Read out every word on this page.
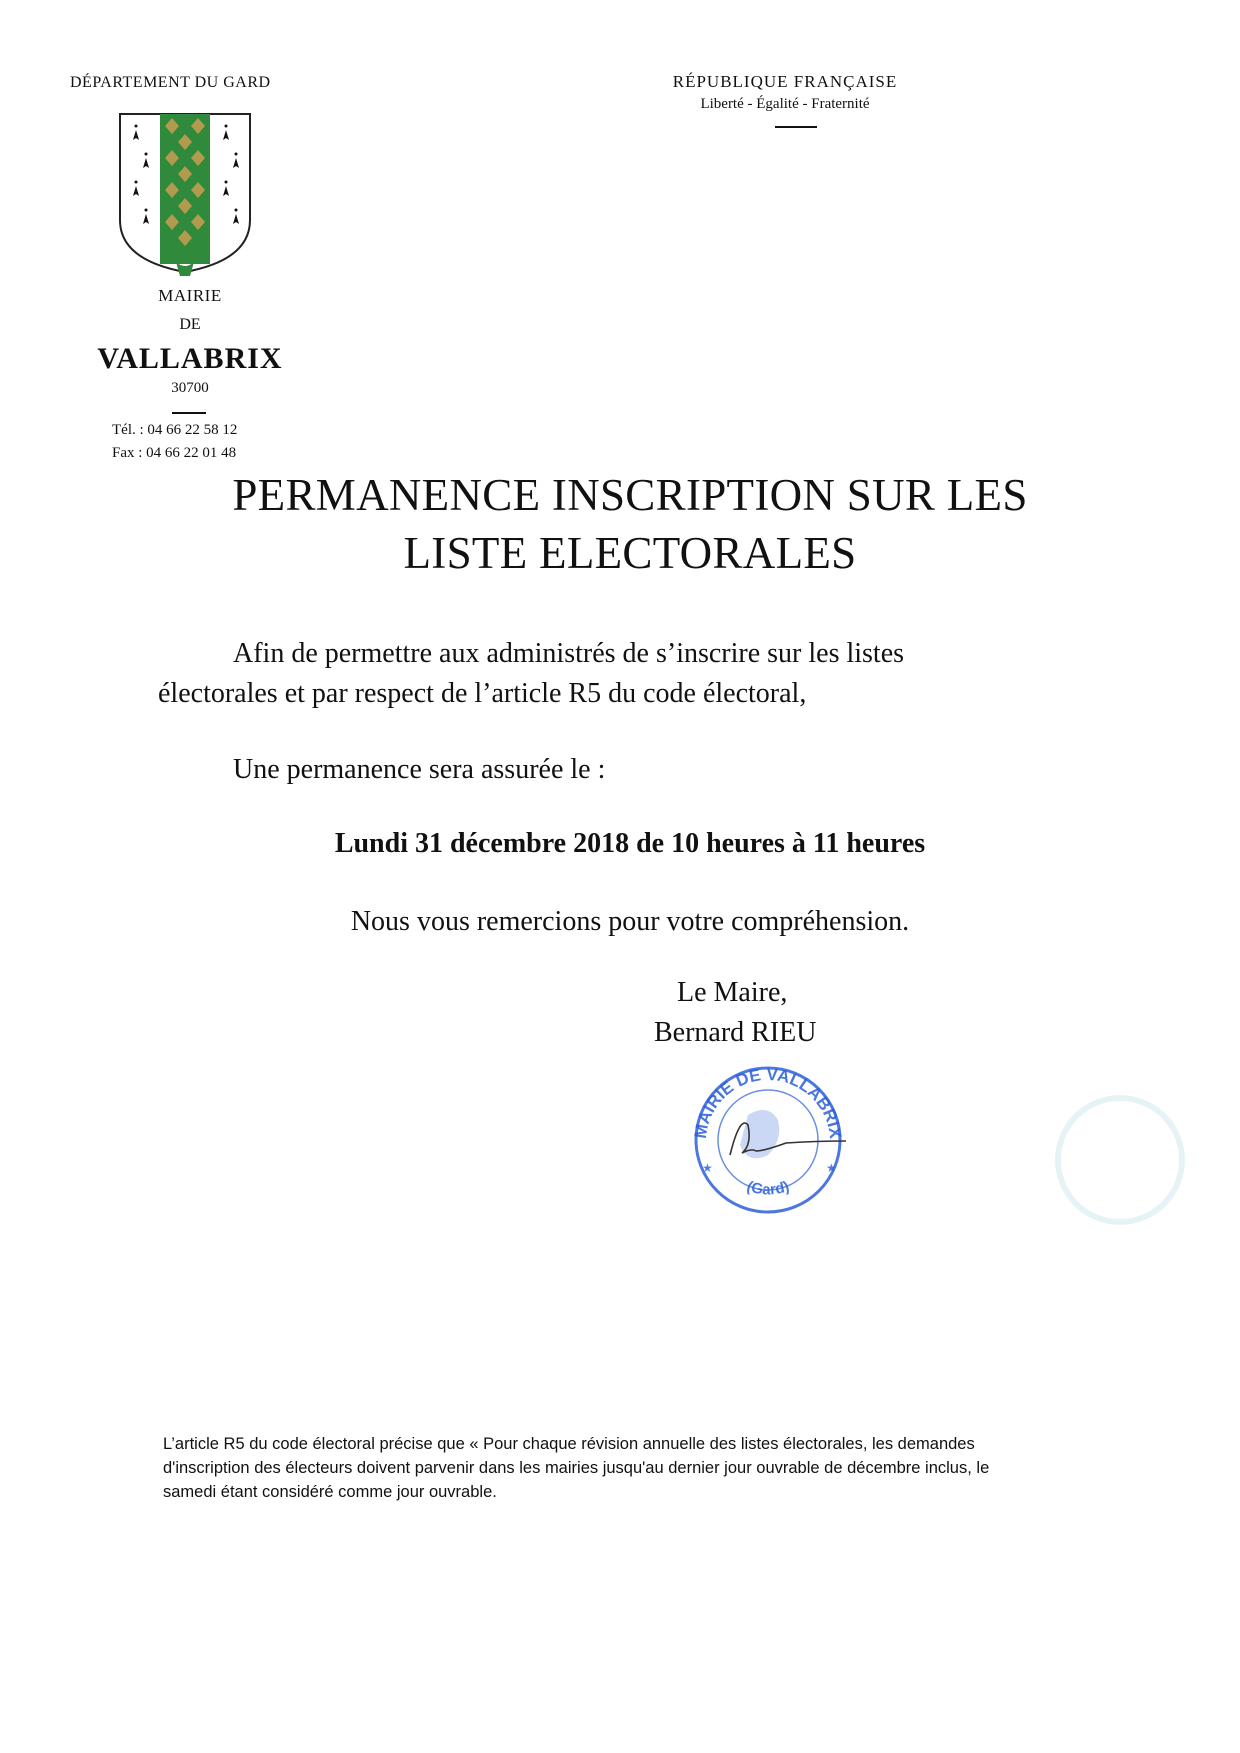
DÉPARTEMENT DU GARD
MAIRIE
DE
VALLABRIX
30700
Tél. : 04 66 22 58 12
Fax : 04 66 22 01 48
RÉPUBLIQUE FRANÇAISE
Liberté - Égalité - Fraternité
PERMANENCE INSCRIPTION SUR LES
LISTE ELECTORALES
Afin de permettre aux administrés de s’inscrire sur les listes
électorales et par respect de l’article R5 du code électoral,
Une permanence sera assurée le :
Lundi 31 décembre 2018 de 10 heures à 11 heures
Nous vous remercions pour votre compréhension.
Le Maire,
Bernard RIEU
MAIRIE DE VALLABRIX
(Gard)
★	★
L’article R5 du code électoral précise que « Pour chaque révision annuelle des listes électorales, les demandes
d'inscription des électeurs doivent parvenir dans les mairies jusqu'au dernier jour ouvrable de décembre inclus, le
samedi étant considéré comme jour ouvrable.
